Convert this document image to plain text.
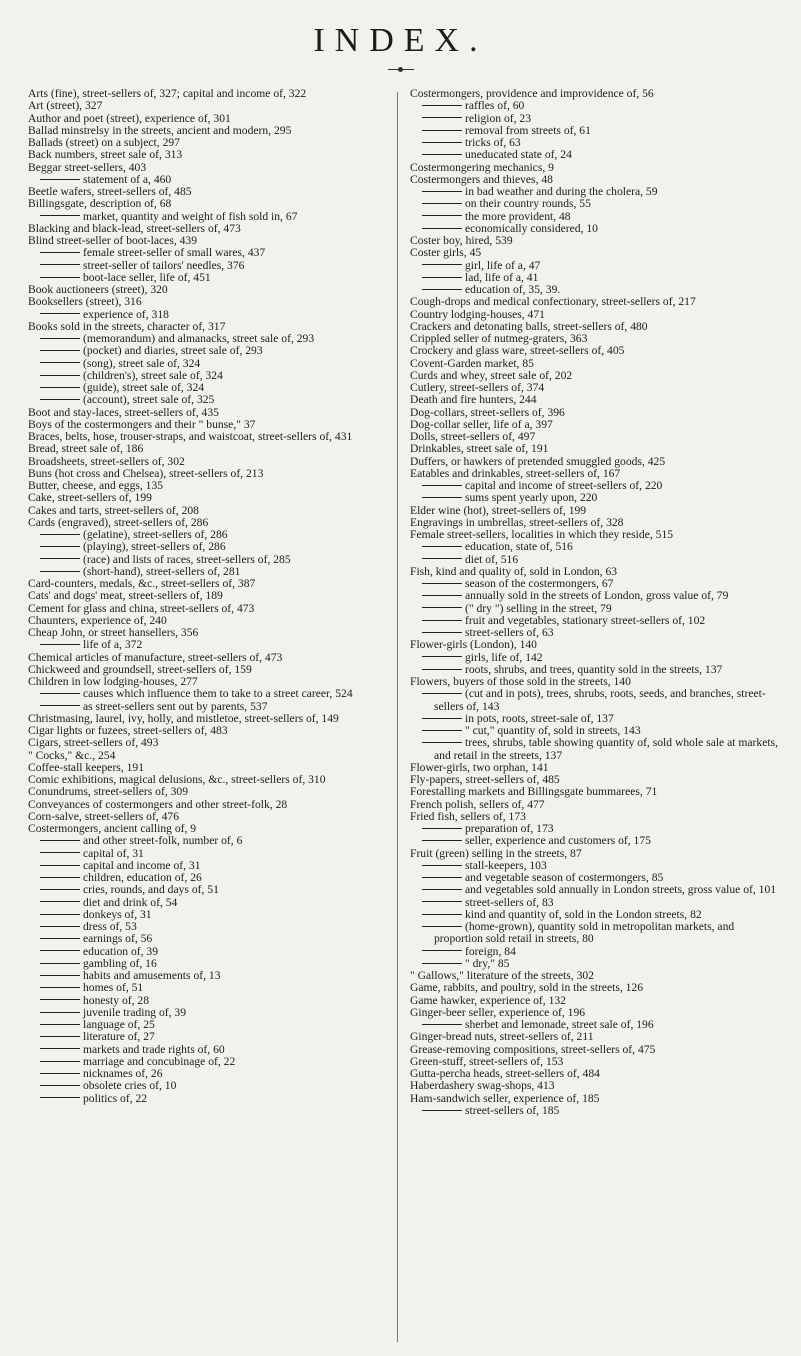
INDEX.

Arts (fine), street-sellers of, 327; capital and income of, 322

Art (street), 327

Author and poet (street), experience of, 301

Ballad minstrelsy in the streets, ancient and modern, 295

Ballads (street) on a subject, 297

Back numbers, street sale of, 313

Beggar street-sellers, 403

statement of a, 460

Beetle wafers, street-sellers of, 485

Billingsgate, description of, 68

market, quantity and weight of fish sold in, 67

Blacking and black-lead, street-sellers of, 473

Blind street-seller of boot-laces, 439

female street-seller of small wares, 437

street-seller of tailors' needles, 376

boot-lace seller, life of, 451

Book auctioneers (street), 320

Booksellers (street), 316

experience of, 318

Books sold in the streets, character of, 317

(memorandum) and almanacks, street sale of, 293

(pocket) and diaries, street sale of, 293

(song), street sale of, 324

(children's), street sale of, 324

(guide), street sale of, 324

(account), street sale of, 325

Boot and stay-laces, street-sellers of, 435

Boys of the costermongers and their " bunse," 37

Braces, belts, hose, trouser-straps, and waistcoat, street-sellers of, 431

Bread, street sale of, 186

Broadsheets, street-sellers of, 302

Buns (hot cross and Chelsea), street-sellers of, 213

Butter, cheese, and eggs, 135

Cake, street-sellers of, 199

Cakes and tarts, street-sellers of, 208

Cards (engraved), street-sellers of, 286

(gelatine), street-sellers of, 286

(playing), street-sellers of, 286

(race) and lists of races, street-sellers of, 285

(short-hand), street-sellers of, 281

Card-counters, medals, &c., street-sellers of, 387

Cats' and dogs' meat, street-sellers of, 189

Cement for glass and china, street-sellers of, 473

Chaunters, experience of, 240

Cheap John, or street hansellers, 356

life of a, 372

Chemical articles of manufacture, street-sellers of, 473

Chickweed and groundsell, street-sellers of, 159

Children in low lodging-houses, 277

causes which influence them to take to a street career, 524

as street-sellers sent out by parents, 537

Christmasing, laurel, ivy, holly, and mistletoe, street-sellers of, 149

Cigar lights or fuzees, street-sellers of, 483

Cigars, street-sellers of, 493

" Cocks," &c., 254

Coffee-stall keepers, 191

Comic exhibitions, magical delusions, &c., street-sellers of, 310

Conundrums, street-sellers of, 309

Conveyances of costermongers and other street-folk, 28

Corn-salve, street-sellers of, 476

Costermongers, ancient calling of, 9

and other street-folk, number of, 6

capital of, 31

capital and income of, 31

children, education of, 26

cries, rounds, and days of, 51

diet and drink of, 54

donkeys of, 31

dress of, 53

earnings of, 56

education of, 39

gambling of, 16

habits and amusements of, 13

homes of, 51

honesty of, 28

juvenile trading of, 39

language of, 25

literature of, 27

markets and trade rights of, 60

marriage and concubinage of, 22

nicknames of, 26

obsolete cries of, 10

politics of, 22

Costermongers, providence and improvidence of, 56

raffles of, 60

religion of, 23

removal from streets of, 61

tricks of, 63

uneducated state of, 24

Costermongering mechanics, 9

Costermongers and thieves, 48

in bad weather and during the cholera, 59

on their country rounds, 55

the more provident, 48

economically considered, 10

Coster boy, hired, 539

Coster girls, 45

girl, life of a, 47

lad, life of a, 41

education of, 35, 39.

Cough-drops and medical confectionary, street-sellers of, 217

Country lodging-houses, 471

Crackers and detonating balls, street-sellers of, 480

Crippled seller of nutmeg-graters, 363

Crockery and glass ware, street-sellers of, 405

Covent-Garden market, 85

Curds and whey, street sale of, 202

Cutlery, street-sellers of, 374

Death and fire hunters, 244

Dog-collars, street-sellers of, 396

Dog-collar seller, life of a, 397

Dolls, street-sellers of, 497

Drinkables, street sale of, 191

Duffers, or hawkers of pretended smuggled goods, 425

Eatables and drinkables, street-sellers of, 167

capital and income of street-sellers of, 220

sums spent yearly upon, 220

Elder wine (hot), street-sellers of, 199

Engravings in umbrellas, street-sellers of, 328

Female street-sellers, localities in which they reside, 515

education, state of, 516

diet of, 516

Fish, kind and quality of, sold in London, 63

season of the costermongers, 67

annually sold in the streets of London, gross value of, 79

(" dry ") selling in the street, 79

fruit and vegetables, stationary street-sellers of, 102

street-sellers of, 63

Flower-girls (London), 140

girls, life of, 142

roots, shrubs, and trees, quantity sold in the streets, 137

Flowers, buyers of those sold in the streets, 140

(cut and in pots), trees, shrubs, roots, seeds, and branches, street-sellers of, 143

in pots, roots, street-sale of, 137

" cut," quantity of, sold in streets, 143

trees, shrubs, table showing quantity of, sold whole sale at markets, and retail in the streets, 137

Flower-girls, two orphan, 141

Fly-papers, street-sellers of, 485

Forestalling markets and Billingsgate bummarees, 71

French polish, sellers of, 477

Fried fish, sellers of, 173

preparation of, 173

seller, experience and customers of, 175

Fruit (green) selling in the streets, 87

stall-keepers, 103

and vegetable season of costermongers, 85

and vegetables sold annually in London streets, gross value of, 101

street-sellers of, 83

kind and quantity of, sold in the London streets, 82

(home-grown), quantity sold in metropolitan markets, and proportion sold retail in streets, 80

foreign, 84

" dry," 85

" Gallows," literature of the streets, 302

Game, rabbits, and poultry, sold in the streets, 126

Game hawker, experience of, 132

Ginger-beer seller, experience of, 196

sherbet and lemonade, street sale of, 196

Ginger-bread nuts, street-sellers of, 211

Grease-removing compositions, street-sellers of, 475

Green-stuff, street-sellers of, 153

Gutta-percha heads, street-sellers of, 484

Haberdashery swag-shops, 413

Ham-sandwich seller, experience of, 185

street-sellers of, 185
